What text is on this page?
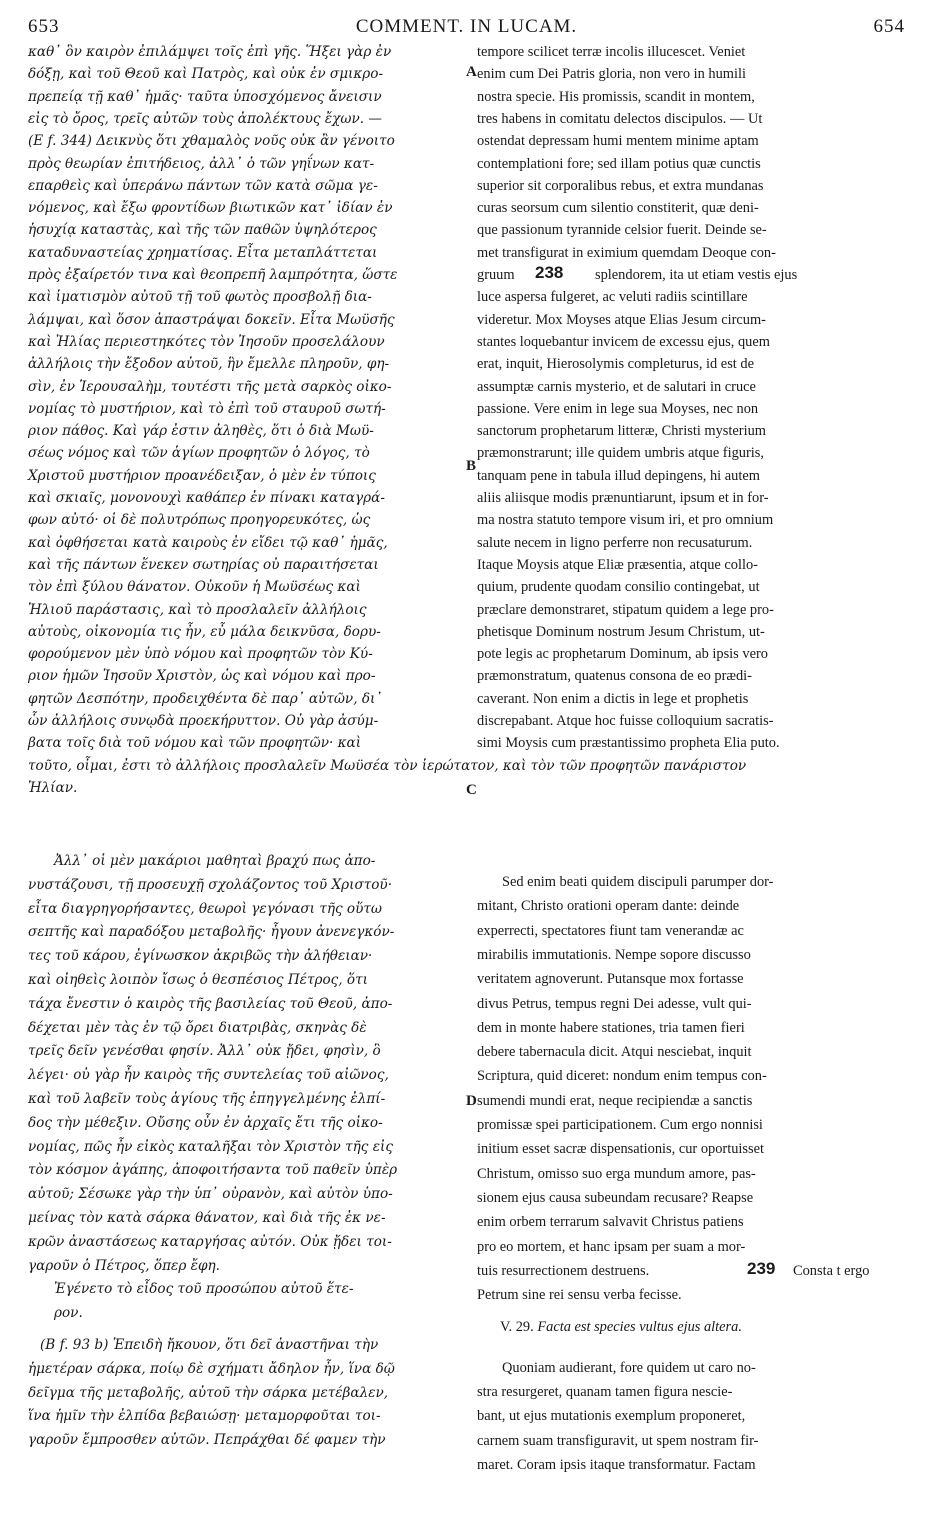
653	COMMENT. IN LUCAM.	654
καθ᾽ ὃν καιρὸν ἐπιλάμψει τοῖς ἐπὶ γῆς. Ἥξει γὰρ ἐν
δόξῃ, καὶ τοῦ Θεοῦ καὶ Πατρὸς, καὶ οὐκ ἐν σμικρο-
πρεπείᾳ τῇ καθ᾽ ἡμᾶς· ταῦτα ὑποσχόμενος ἄνεισιν
εἰς τὸ ὄρος, τρεῖς αὐτῶν τοὺς ἀπολέκτους ἔχων. —
(Ε f. 344) Δεικνὺς ὅτι χθαμαλὸς νοῦς οὐκ ἂν γένοιτο
πρὸς θεωρίαν ἐπιτήδειος, ἀλλ᾽ ὁ τῶν γηΐνων κατ-
επαρθεὶς καὶ ὑπεράνω πάντων τῶν κατὰ σῶμα γε-
νόμενος, καὶ ἔξω φροντίδων βιωτικῶν κατ᾽ ἰδίαν ἐν
ἡσυχίᾳ καταστὰς, καὶ τῆς τῶν παθῶν ὑψηλότερος
καταδυναστείας χρηματίσας. Εἶτα μεταπλάττεται
πρὸς ἐξαίρετόν τινα καὶ θεοπρεπῆ λαμπρότητα, ὥστε
καὶ ἱματισμὸν αὐτοῦ τῇ τοῦ φωτὸς προσβολῇ δια-
λάμψαι, καὶ ὅσον ἀπαστράψαι δοκεῖν. Εἶτα Μωϋσῆς
καὶ Ἠλίας περιεστηκότες τὸν Ἰησοῦν προσελάλουν
ἀλλήλοις τὴν ἔξοδον αὐτοῦ, ἣν ἔμελλε πληροῦν, φη-
σὶν, ἐν Ἱερουσαλὴμ, τουτέστι τῆς μετὰ σαρκὸς οἰκο-
νομίας τὸ μυστήριον, καὶ τὸ ἐπὶ τοῦ σταυροῦ σωτή-
ριον πάθος. Καὶ γάρ ἐστιν ἀληθὲς, ὅτι ὁ διὰ Μωϋ-
σέως νόμος καὶ τῶν ἁγίων προφητῶν ὁ λόγος, τὸ
Χριστοῦ μυστήριον προανέδειξαν, ὁ μὲν ἐν τύποις
καὶ σκιαῖς, μονονουχὶ καθάπερ ἐν πίνακι καταγρά-
φων αὐτό· οἱ δὲ πολυτρόπως προηγορευκότες, ὡς
καὶ ὀφθήσεται κατὰ καιροὺς ἐν εἴδει τῷ καθ᾽ ἡμᾶς,
καὶ τῆς πάντων ἕνεκεν σωτηρίας οὐ παραιτήσεται
τὸν ἐπὶ ξύλου θάνατον. Οὐκοῦν ἡ Μωϋσέως καὶ
Ἠλιοῦ παράστασις, καὶ τὸ προσλαλεῖν ἀλλήλοις
αὐτοὺς, οἰκονομία τις ἦν, εὖ μάλα δεικνῦσα, δορυ-
φορούμενον μὲν ὑπὸ νόμου καὶ προφητῶν τὸν Κύ-
ριον ἡμῶν Ἰησοῦν Χριστὸν, ὡς καὶ νόμου καὶ προ-
φητῶν Δεσπότην, προδειχθέντα δὲ παρ᾽ αὐτῶν, δι᾽
ὧν ἀλλήλοις συνῳδὰ προεκήρυττον. Οὐ γὰρ ἀσύμ-
βατα τοῖς διὰ τοῦ νόμου καὶ τῶν προφητῶν· καὶ
τοῦτο, οἶμαι, ἐστι τὸ ἀλλήλοις προσλαλεῖν Μωϋσέα τὸν ἱερώτατον, καὶ τὸν τῶν προφητῶν πανάριστον
Ἠλίαν.
tempore scilicet terræ incolis illucescet. Veniet
enim cum Dei Patris gloria, non vero in humili
nostra specie. His promissis, scandit in montem,
tres habens in comitatu delectos discipulos. — Ut
ostendat depressam humi mentem minime aptam
contemplationi fore; sed illam potius quæ cunctis
superior sit corporalibus rebus, et extra mundanas
curas seorsum cum silentio constiterit, quæ deni-
que passionum tyrannide celsior fuerit. Deinde se-
met transfigurat in eximium quemdam Deoque con-
gruum	splendorem, ita ut etiam vestis ejus
luce aspersa fulgeret, ac veluti radiis scintillare
videretur. Mox Moyses atque Elias Jesum circum-
stantes loquebantur invicem de excessu ejus, quem
erat, inquit, Hierosolymis completurus, id est de
assumptæ carnis mysterio, et de salutari in cruce
passione. Vere enim in lege sua Moyses, nec non
sanctorum prophetarum litteræ, Christi mysterium
præmonstrarunt; ille quidem umbris atque figuris,
tanquam pene in tabula illud depingens, hi autem
aliis aliisque modis prænuntiarunt, ipsum et in for-
ma nostra statuto tempore visum iri, et pro omnium
salute necem in ligno perferre non recusaturum.
Itaque Moysis atque Eliæ præsentia, atque collo-
quium, prudente quodam consilio contingebat, ut
præclare demonstraret, stipatum quidem a lege pro-
phetisque Dominum nostrum Jesum Christum, ut-
pote legis ac prophetarum Dominum, ab ipsis vero
præmonstratum, quatenus consona de eo prædi-
caverant. Non enim a dictis in lege et prophetis
discrepabant. Atque hoc fuisse colloquium sacratis-
simi Moysis cum præstantissimo propheta Elia puto.
238
A
B
C
D
Ἀλλ᾽ οἱ μὲν μακάριοι μαθηταὶ βραχύ πως ἀπο-
νυστάζουσι, τῇ προσευχῇ σχολάζοντος τοῦ Χριστοῦ·
εἶτα διαγρηγορήσαντες, θεωροὶ γεγόνασι τῆς οὕτω
σεπτῆς καὶ παραδόξου μεταβολῆς· ἦγουν ἀνενεγκόν-
τες τοῦ κάρου, ἐγίνωσκον ἀκριβῶς τὴν ἀλήθειαν·
καὶ οἰηθεὶς λοιπὸν ἴσως ὁ θεσπέσιος Πέτρος, ὅτι
τάχα ἔνεστιν ὁ καιρὸς τῆς βασιλείας τοῦ Θεοῦ, ἀπο-
δέχεται μὲν τὰς ἐν τῷ ὄρει διατριβὰς, σκηνὰς δὲ
τρεῖς δεῖν γενέσθαι φησίν. Ἀλλ᾽ οὐκ ᾔδει, φησὶν, ὃ
λέγει· οὐ γὰρ ἦν καιρὸς τῆς συντελείας τοῦ αἰῶνος,
καὶ τοῦ λαβεῖν τοὺς ἁγίους τῆς ἐπηγγελμένης ἐλπί-
δος τὴν μέθεξιν. Οὔσης οὖν ἐν ἀρχαῖς ἔτι τῆς οἰκο-
νομίας, πῶς ἦν εἰκὸς καταλῆξαι τὸν Χριστὸν τῆς εἰς
τὸν κόσμον ἀγάπης, ἀποφοιτήσαντα τοῦ παθεῖν ὑπὲρ
αὐτοῦ; Σέσωκε γὰρ τὴν ὑπ᾽ οὐρανὸν, καὶ αὐτὸν ὑπο-
μείνας τὸν κατὰ σάρκα θάνατον, καὶ διὰ τῆς ἐκ νε-
κρῶν ἀναστάσεως καταργήσας αὐτόν. Οὐκ ᾔδει τοι-
γαροῦν ὁ Πέτρος, ὅπερ ἔφη.
Ἐγένετο τὸ εἶδος τοῦ προσώπου αὐτοῦ ἕτε-
ρον.
(Β f. 93 b) Ἐπειδὴ ἤκουον, ὅτι δεῖ ἀναστῆναι τὴν
ἡμετέραν σάρκα, ποίῳ δὲ σχήματι ἄδηλον ἦν, ἵνα δῷ
δεῖγμα τῆς μεταβολῆς, αὐτοῦ τὴν σάρκα μετέβαλεν,
ἵνα ἡμῖν τὴν ἐλπίδα βεβαιώσῃ· μεταμορφοῦται τοι-
γαροῦν ἔμπροσθεν αὐτῶν. Πεπράχθαι δέ φαμεν τὴν
Sed enim beati quidem discipuli parumper dor-
mitant, Christo orationi operam dante: deinde
experrecti, spectatores fiunt tam venerandæ ac
mirabilis immutationis. Nempe sopore discusso
veritatem agnoverunt. Putansque mox fortasse
divus Petrus, tempus regni Dei adesse, vult qui-
dem in monte habere stationes, tria tamen fieri
debere tabernacula dicit. Atqui nesciebat, inquit
Scriptura, quid diceret: nondum enim tempus con-
sumendi mundi erat, neque recipiendæ a sanctis
promissæ spei participationem. Cum ergo nonnisi
initium esset sacræ dispensationis, cur oportuisset
Christum, omisso suo erga mundum amore, pas-
sionem ejus causa subeundam recusare? Reapse
enim orbem terrarum salvavit Christus patiens
pro eo mortem, et hanc ipsam per suam a mor-
tuis resurrectionem destruens.	Consta t ergo
Petrum sine rei sensu verba fecisse.
V. 29. Facta est species vultus ejus altera.
Quoniam audierant, fore quidem ut caro no-
stra resurgeret, quanam tamen figura nescie-
bant, ut ejus mutationis exemplum proponeret,
carnem suam transfiguravit, ut spem nostram fir-
maret. Coram ipsis itaque transformatur. Factam
239
